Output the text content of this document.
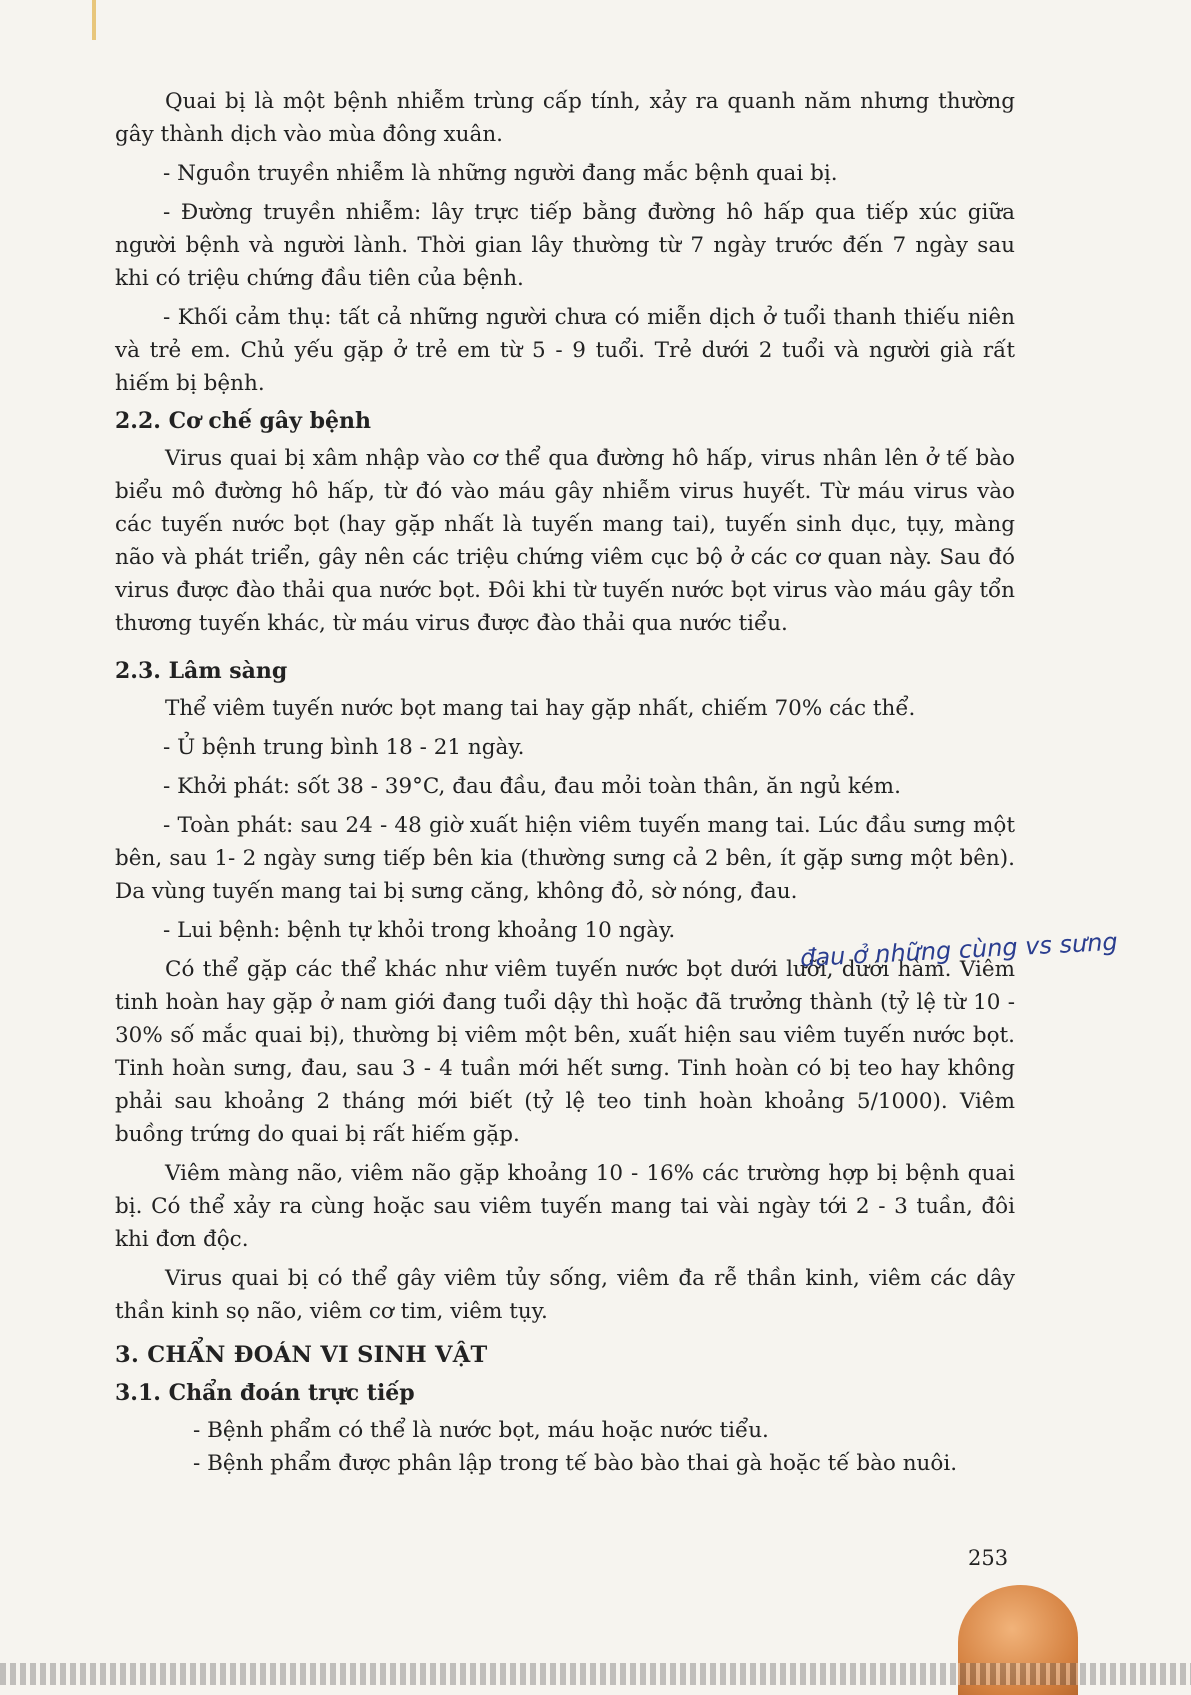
Quai bị là một bệnh nhiễm trùng cấp tính, xảy ra quanh năm nhưng thường gây thành dịch vào mùa đông xuân.

- Nguồn truyền nhiễm là những người đang mắc bệnh quai bị.

- Đường truyền nhiễm: lây trực tiếp bằng đường hô hấp qua tiếp xúc giữa người bệnh và người lành. Thời gian lây thường từ 7 ngày trước đến 7 ngày sau khi có triệu chứng đầu tiên của bệnh.

- Khối cảm thụ: tất cả những người chưa có miễn dịch ở tuổi thanh thiếu niên và trẻ em. Chủ yếu gặp ở trẻ em từ 5 - 9 tuổi. Trẻ dưới 2 tuổi và người già rất hiếm bị bệnh.

2.2. Cơ chế gây bệnh

Virus quai bị xâm nhập vào cơ thể qua đường hô hấp, virus nhân lên ở tế bào biểu mô đường hô hấp, từ đó vào máu gây nhiễm virus huyết. Từ máu virus vào các tuyến nước bọt (hay gặp nhất là tuyến mang tai), tuyến sinh dục, tụy, màng não và phát triển, gây nên các triệu chứng viêm cục bộ ở các cơ quan này. Sau đó virus được đào thải qua nước bọt. Đôi khi từ tuyến nước bọt virus vào máu gây tổn thương tuyến khác, từ máu virus được đào thải qua nước tiểu.

2.3. Lâm sàng

Thể viêm tuyến nước bọt mang tai hay gặp nhất, chiếm 70% các thể.

- Ủ bệnh trung bình 18 - 21 ngày.

- Khởi phát: sốt 38 - 39°C, đau đầu, đau mỏi toàn thân, ăn ngủ kém.

- Toàn phát: sau 24 - 48 giờ xuất hiện viêm tuyến mang tai. Lúc đầu sưng một bên, sau 1- 2 ngày sưng tiếp bên kia (thường sưng cả 2 bên, ít gặp sưng một bên). Da vùng tuyến mang tai bị sưng căng, không đỏ, sờ nóng, đau.

- Lui bệnh: bệnh tự khỏi trong khoảng 10 ngày.

Có thể gặp các thể khác như viêm tuyến nước bọt dưới lưỡi, dưới hàm. Viêm tinh hoàn hay gặp ở nam giới đang tuổi dậy thì hoặc đã trưởng thành (tỷ lệ từ 10 - 30% số mắc quai bị), thường bị viêm một bên, xuất hiện sau viêm tuyến nước bọt. Tinh hoàn sưng, đau, sau 3 - 4 tuần mới hết sưng. Tinh hoàn có bị teo hay không phải sau khoảng 2 tháng mới biết (tỷ lệ teo tinh hoàn khoảng 5/1000). Viêm buồng trứng do quai bị rất hiếm gặp.

Viêm màng não, viêm não gặp khoảng 10 - 16% các trường hợp bị bệnh quai bị. Có thể xảy ra cùng hoặc sau viêm tuyến mang tai vài ngày tới 2 - 3 tuần, đôi khi đơn độc.

Virus quai bị có thể gây viêm tủy sống, viêm đa rễ thần kinh, viêm các dây thần kinh sọ não, viêm cơ tim, viêm tụy.

3. CHẨN ĐOÁN VI SINH VẬT
3.1. Chẩn đoán trực tiếp

- Bệnh phẩm có thể là nước bọt, máu hoặc nước tiểu.

- Bệnh phẩm được phân lập trong tế bào bào thai gà hoặc tế bào nuôi.

đau ở những cùng vs sưng
253
